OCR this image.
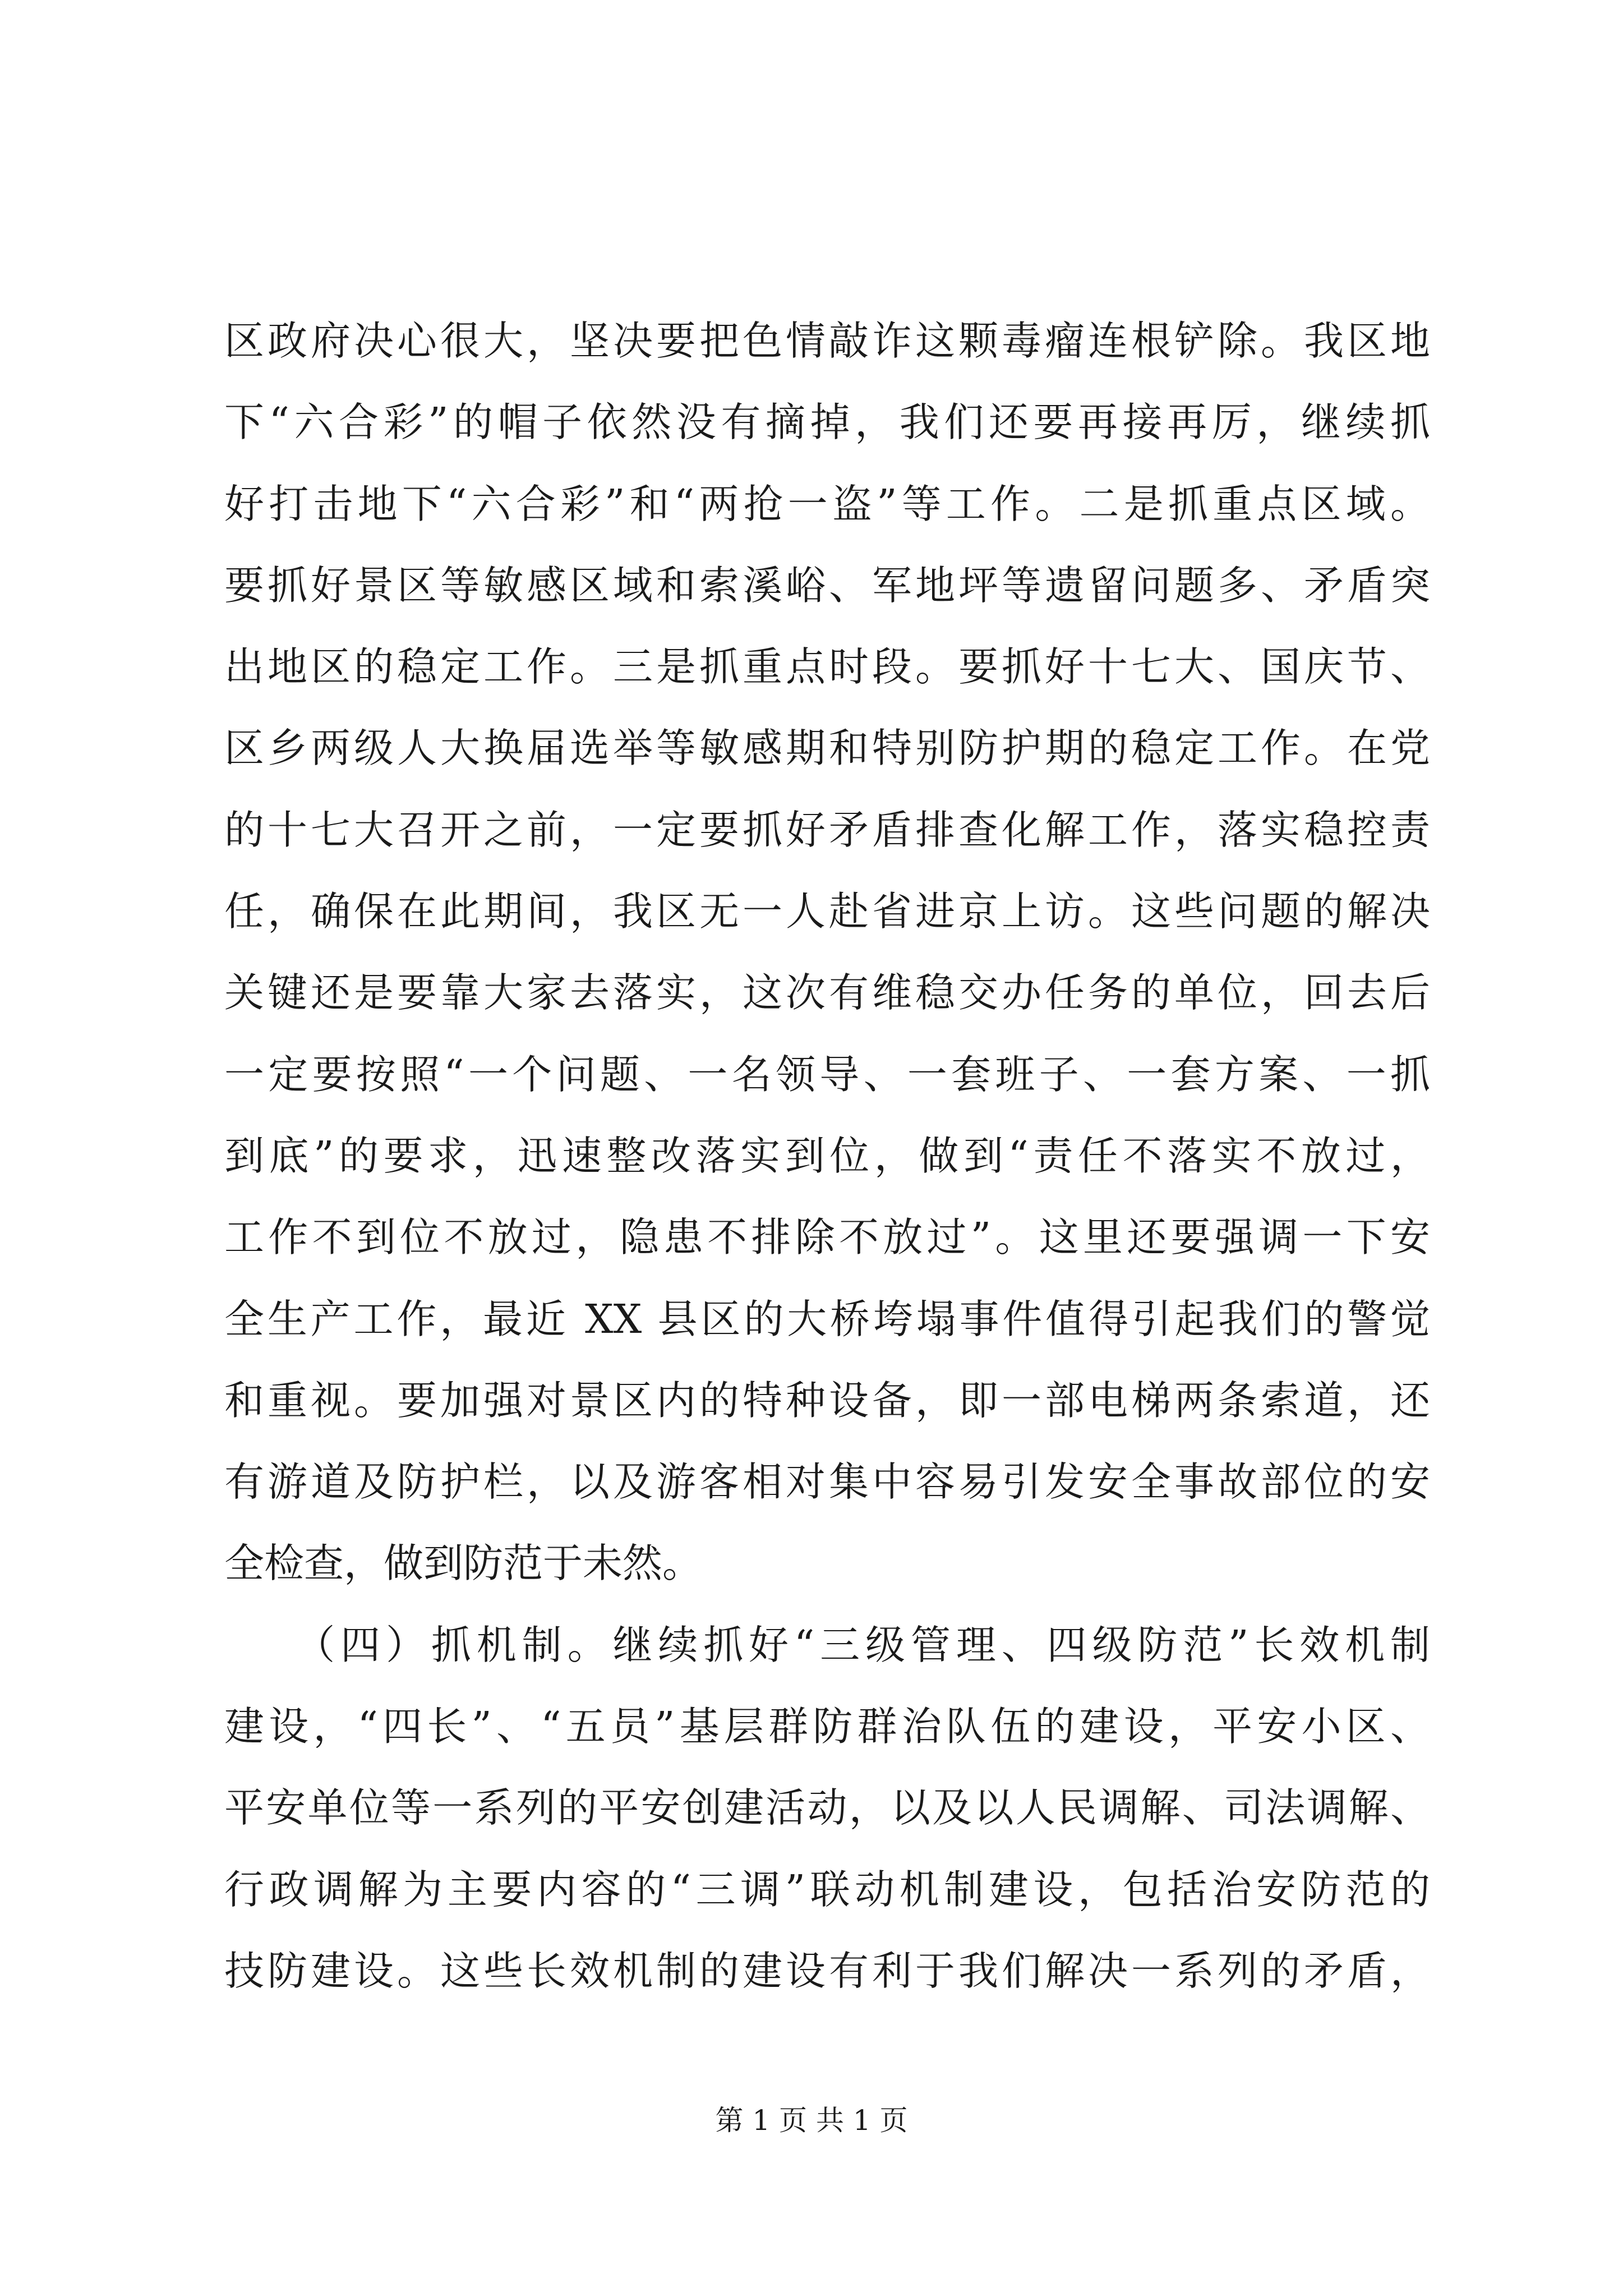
区政府决心很大，坚决要把色情敲诈这颗毒瘤连根铲除。我区地
下“六合彩”的帽子依然没有摘掉，我们还要再接再厉，继续抓
好打击地下“六合彩”和“两抢一盗”等工作。二是抓重点区域。
要抓好景区等敏感区域和索溪峪、军地坪等遗留问题多、矛盾突
出地区的稳定工作。三是抓重点时段。要抓好十七大、国庆节、
区乡两级人大换届选举等敏感期和特别防护期的稳定工作。在党
的十七大召开之前，一定要抓好矛盾排查化解工作，落实稳控责
任，确保在此期间，我区无一人赴省进京上访。这些问题的解决
关键还是要靠大家去落实，这次有维稳交办任务的单位，回去后
一定要按照“一个问题、一名领导、一套班子、一套方案、一抓
到底”的要求，迅速整改落实到位，做到“责任不落实不放过，
工作不到位不放过，隐患不排除不放过”。这里还要强调一下安
全生产工作，最近 XX 县区的大桥垮塌事件值得引起我们的警觉
和重视。要加强对景区内的特种设备，即一部电梯两条索道，还
有游道及防护栏，以及游客相对集中容易引发安全事故部位的安
全检查，做到防范于未然。
　　（四）抓机制。继续抓好“三级管理、四级防范”长效机制
建设，“四长”、“五员”基层群防群治队伍的建设，平安小区、
平安单位等一系列的平安创建活动，以及以人民调解、司法调解、
行政调解为主要内容的“三调”联动机制建设，包括治安防范的
技防建设。这些长效机制的建设有利于我们解决一系列的矛盾，
第 1 页 共 1 页
